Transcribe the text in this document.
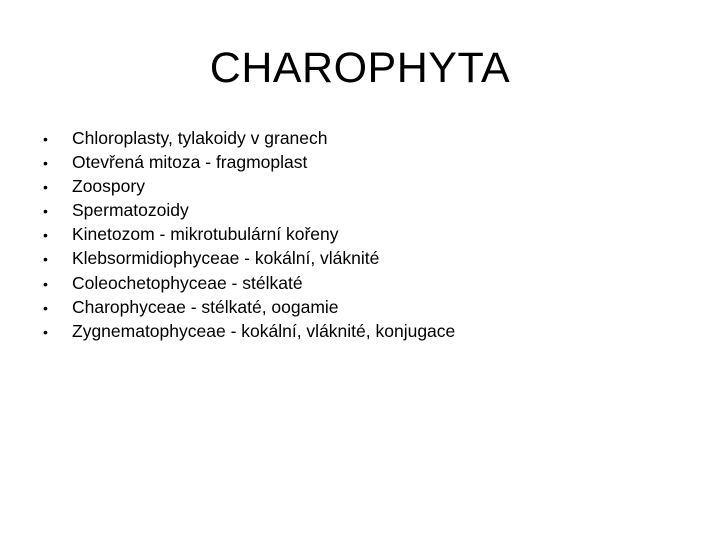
CHAROPHYTA
•	Chloroplasty, tylakoidy v granech
•	Otevřená mitoza - fragmoplast
•	Zoospory
•	Spermatozoidy
•	Kinetozom - mikrotubulární kořeny
•	Klebsormidiophyceae - kokální, vláknité
•	Coleochetophyceae - stélkaté
•	Charophyceae - stélkaté, oogamie
•	Zygnematophyceae - kokální, vláknité, konjugace
